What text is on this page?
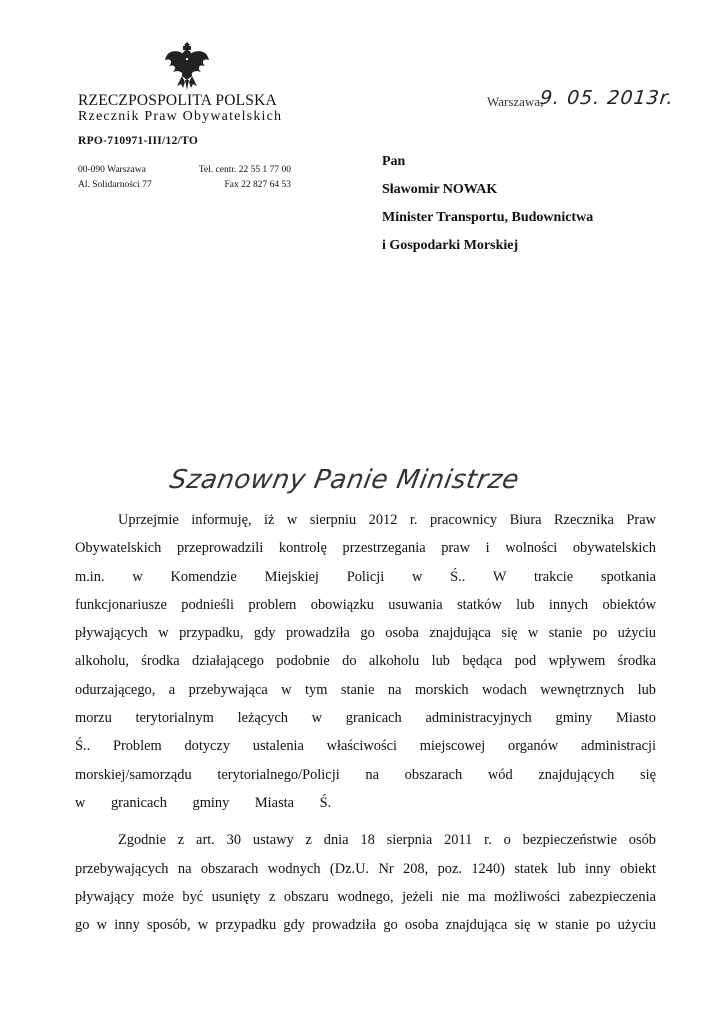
RZECZPOSPOLITA POLSKA
Rzecznik Praw Obywatelskich
RPO-710971-III/12/TO
00-090 Warszawa
Al. Solidarności 77
Tel. centr. 22 55 1 77 00
Fax 22 827 64 53
Warszawa,
9. 05. 2013r.
Pan
Sławomir NOWAK
Minister Transportu, Budownictwa
i Gospodarki Morskiej
Szanowny Panie Ministrze
Uprzejmie informuję, iż w sierpniu 2012 r. pracownicy Biura Rzecznika Praw
Obywatelskich przeprowadzili kontrolę przestrzegania praw i wolności obywatelskich
m.in. w Komendzie Miejskiej Policji w Ś.. W trakcie spotkania
funkcjonariusze podnieśli problem obowiązku usuwania statków lub innych obiektów
pływających w przypadku, gdy prowadziła go osoba znajdująca się w stanie po użyciu
alkoholu, środka działającego podobnie do alkoholu lub będąca pod wpływem środka
odurzającego, a przebywająca w tym stanie na morskich wodach wewnętrznych lub
morzu terytorialnym leżących w granicach administracyjnych gminy Miasto
Ś.. Problem dotyczy ustalenia właściwości miejscowej organów administracji
morskiej/samorządu terytorialnego/Policji na obszarach wód znajdujących się
w granicach gminy Miasta Ś.
Zgodnie z art. 30 ustawy z dnia 18 sierpnia 2011 r. o bezpieczeństwie osób
przebywających na obszarach wodnych (Dz.U. Nr 208, poz. 1240) statek lub inny obiekt
pływający może być usunięty z obszaru wodnego, jeżeli nie ma możliwości zabezpieczenia
go w inny sposób, w przypadku gdy prowadziła go osoba znajdująca się w stanie po użyciu
